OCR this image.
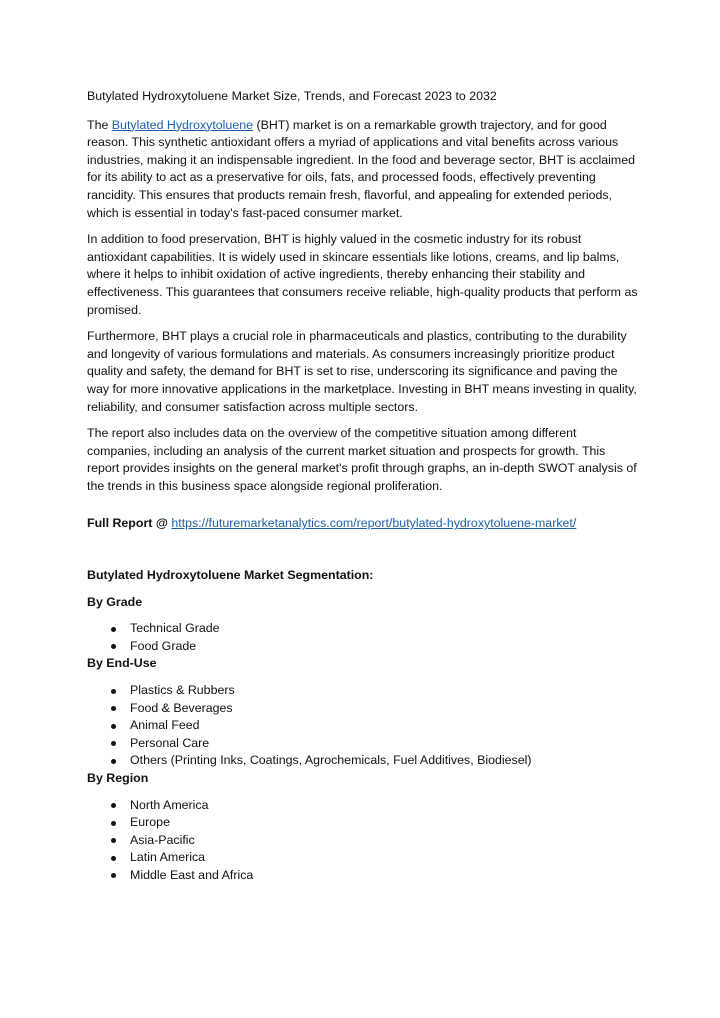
Butylated Hydroxytoluene Market Size, Trends, and Forecast 2023 to 2032

The Butylated Hydroxytoluene (BHT) market is on a remarkable growth trajectory, and for good reason. This synthetic antioxidant offers a myriad of applications and vital benefits across various industries, making it an indispensable ingredient. In the food and beverage sector, BHT is acclaimed for its ability to act as a preservative for oils, fats, and processed foods, effectively preventing rancidity. This ensures that products remain fresh, flavorful, and appealing for extended periods, which is essential in today's fast-paced consumer market.

In addition to food preservation, BHT is highly valued in the cosmetic industry for its robust antioxidant capabilities. It is widely used in skincare essentials like lotions, creams, and lip balms, where it helps to inhibit oxidation of active ingredients, thereby enhancing their stability and effectiveness. This guarantees that consumers receive reliable, high-quality products that perform as promised.

Furthermore, BHT plays a crucial role in pharmaceuticals and plastics, contributing to the durability and longevity of various formulations and materials. As consumers increasingly prioritize product quality and safety, the demand for BHT is set to rise, underscoring its significance and paving the way for more innovative applications in the marketplace. Investing in BHT means investing in quality, reliability, and consumer satisfaction across multiple sectors.

The report also includes data on the overview of the competitive situation among different companies, including an analysis of the current market situation and prospects for growth. This report provides insights on the general market's profit through graphs, an in-depth SWOT analysis of the trends in this business space alongside regional proliferation.

Full Report @ https://futuremarketanalytics.com/report/butylated-hydroxytoluene-market/

Butylated Hydroxytoluene Market Segmentation:

By Grade

Technical Grade
Food Grade

By End-Use

Plastics & Rubbers
Food & Beverages
Animal Feed
Personal Care
Others (Printing Inks, Coatings, Agrochemicals, Fuel Additives, Biodiesel)

By Region

North America
Europe
Asia-Pacific
Latin America
Middle East and Africa
